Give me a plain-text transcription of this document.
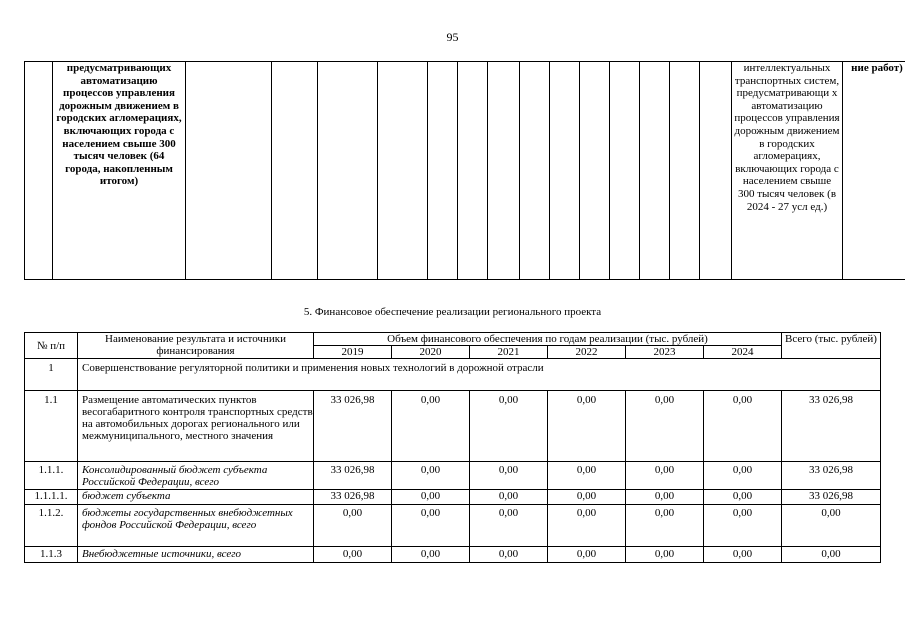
95
	предусматривающих автоматизацию процессов управления дорожным движением в городских агломерациях, включающих города с населением свыше 300 тысяч человек (64 города, накопленным итогом)															интеллектуальных транспортных систем, предусматривающи х автоматизацию процессов управления дорожным движением в городских агломерациях, включающих города с населением свыше 300 тысяч человек (в 2024 - 27 усл ед.)	ние работ)
5. Финансовое обеспечение реализации регионального проекта
№ п/п	Наименование результата и источники финансирования	Объем финансового обеспечения по годам реализации (тыс. рублей)						Всего (тыс. рублей)
		2019	2020	2021	2022	2023	2024	
1	Совершенствование регуляторной политики и применения новых технологий в дорожной отрасли							
1.1	Размещение автоматических пунктов весогабаритного контроля транспортных средств на автомобильных дорогах регионального или межмуниципального, местного значения	33 026,98	0,00	0,00	0,00	0,00	0,00	33 026,98
1.1.1.	Консолидированный бюджет субъекта Российской Федерации, всего	33 026,98	0,00	0,00	0,00	0,00	0,00	33 026,98
1.1.1.1.	бюджет субъекта	33 026,98	0,00	0,00	0,00	0,00	0,00	33 026,98
1.1.2.	бюджеты государственных внебюджетных фондов Российской Федерации, всего	0,00	0,00	0,00	0,00	0,00	0,00	0,00
1.1.3	Внебюджетные источники, всего	0,00	0,00	0,00	0,00	0,00	0,00	0,00
